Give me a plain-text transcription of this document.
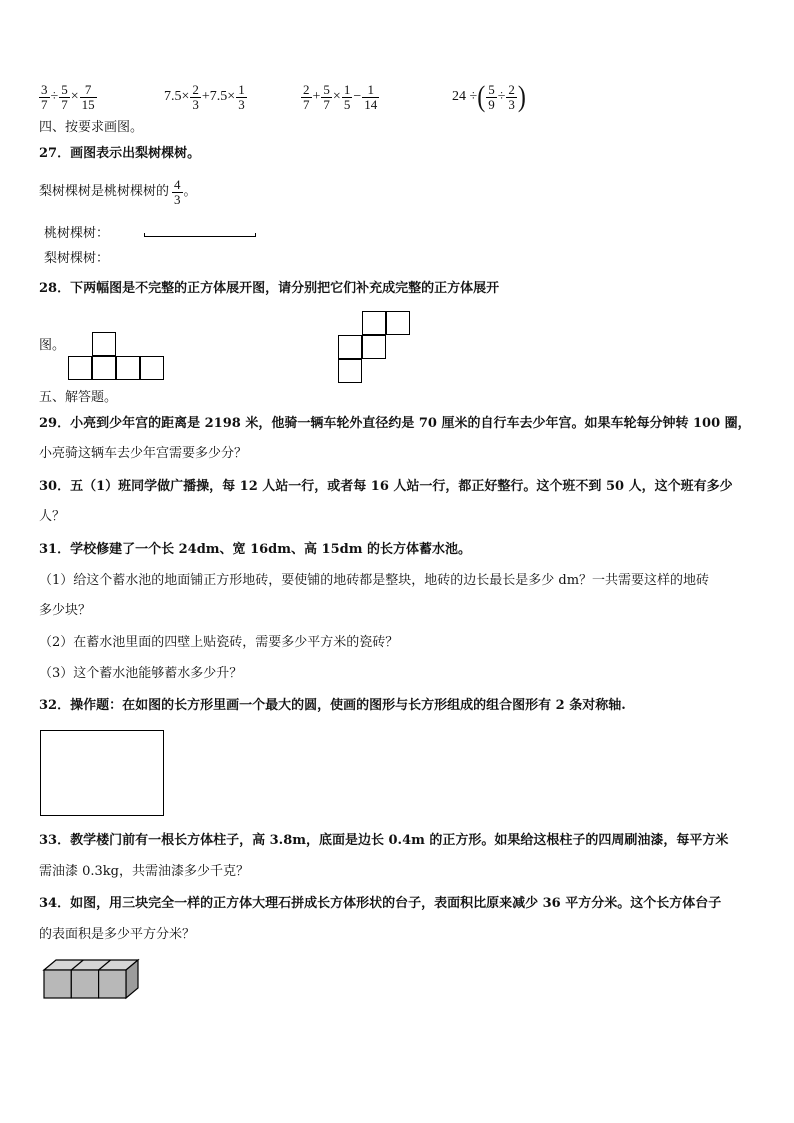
$\frac{3}{7} \div \frac{5}{7} \times \frac{7}{15}$	$7.5\times \frac{2}{3} +7.5\times \frac{1}{3}$	$\frac{2}{7} + \frac{5}{7} \times \frac{1}{5} - \frac{1}{14}$	24 ÷ ( $\frac{5}{9} \div \frac{2}{3}$ )
四、按要求画图。
27．画图表示出梨树棵树。
梨树棵树是桃树棵树的 $\frac{4}{3}$ 。
桃树棵树：
梨树棵树：
28．下两幅图是不完整的正方体展开图，请分别把它们补充成完整的正方体展开
图。
五、解答题。
29．小亮到少年宫的距离是 2198 米，他骑一辆车轮外直径约是 70 厘米的自行车去少年宫。如果车轮每分钟转 100 圈，
小亮骑这辆车去少年宫需要多少分？
30．五（1）班同学做广播操，每 12 人站一行，或者每 16 人站一行，都正好整行。这个班不到 50 人，这个班有多少
人？
31．学校修建了一个长 24dm、宽 16dm、高 15dm 的长方体蓄水池。
（1）给这个蓄水池的地面铺正方形地砖，要使铺的地砖都是整块，地砖的边长最长是多少 dm？一共需要这样的地砖
多少块？
（2）在蓄水池里面的四壁上贴瓷砖，需要多少平方米的瓷砖？
（3）这个蓄水池能够蓄水多少升？
32．操作题：在如图的长方形里画一个最大的圆，使画的图形与长方形组成的组合图形有 2 条对称轴.
33．教学楼门前有一根长方体柱子，高 3.8m，底面是边长 0.4m 的正方形。如果给这根柱子的四周刷油漆，每平方米
需油漆 0.3kg，共需油漆多少千克？
34．如图，用三块完全一样的正方体大理石拼成长方体形状的台子，表面积比原来减少 36 平方分米。这个长方体台子
的表面积是多少平方分米？
